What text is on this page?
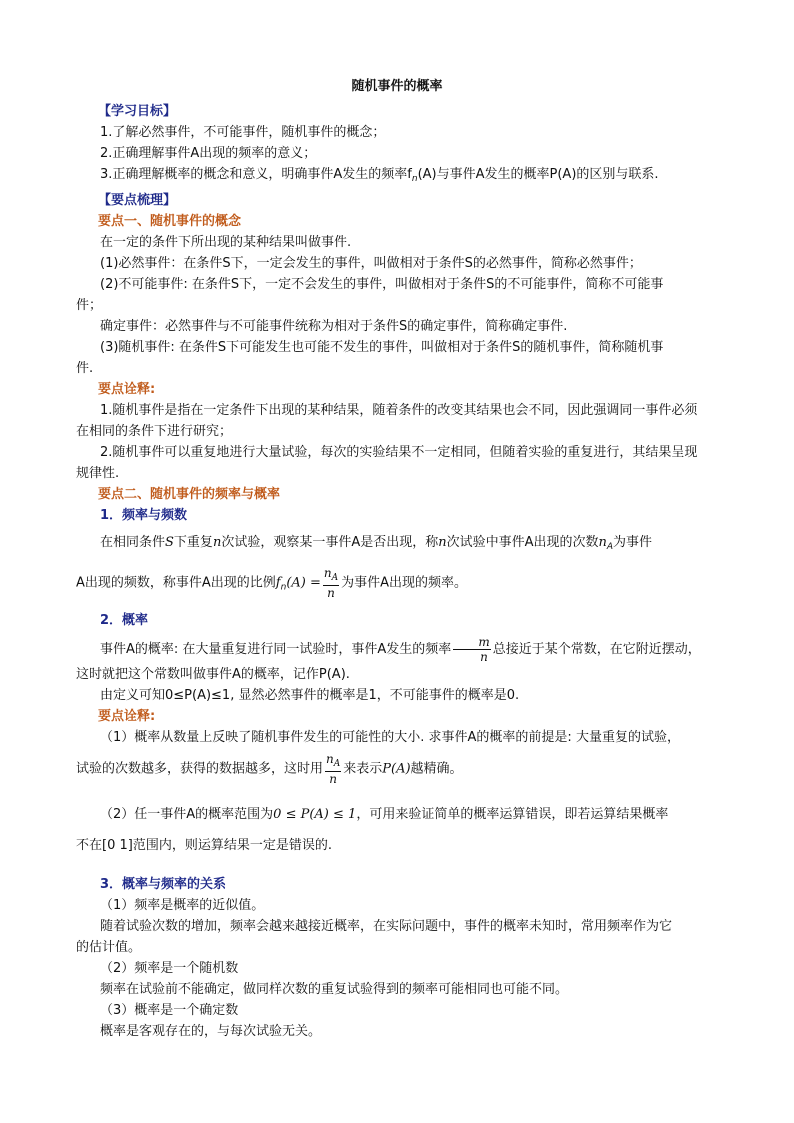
随机事件的概率
【学习目标】
1.了解必然事件，不可能事件，随机事件的概念；
2.正确理解事件A出现的频率的意义；
3.正确理解概率的概念和意义，明确事件A发生的频率$f_n(A)$与事件A发生的概率P(A)的区别与联系.
【要点梳理】
要点一、随机事件的概念
在一定的条件下所出现的某种结果叫做事件.
(1)必然事件：在条件S下，一定会发生的事件，叫做相对于条件S的必然事件，简称必然事件；
(2)不可能事件: 在条件S下，一定不会发生的事件，叫做相对于条件S的不可能事件，简称不可能事
件；
确定事件：必然事件与不可能事件统称为相对于条件S的确定事件，简称确定事件.
(3)随机事件: 在条件S下可能发生也可能不发生的事件，叫做相对于条件S的随机事件，简称随机事
件.
要点诠释:
1.随机事件是指在一定条件下出现的某种结果，随着条件的改变其结果也会不同，因此强调同一事件必须
在相同的条件下进行研究；
2.随机事件可以重复地进行大量试验，每次的实验结果不一定相同，但随着实验的重复进行，其结果呈现
规律性.
要点二、随机事件的频率与概率
1．频率与频数
在相同条件S下重复n次试验，观察某一事件A是否出现，称n次试验中事件A出现的次数$n_A$为事件
A出现的频数，称事件A出现的比例$f_n(A) = \frac{n_A}{n}$ 为事件A出现的频率。
2．概率
事件A的概率: 在大量重复进行同一试验时，事件A发生的频率 $\frac{m}{n}$ 总接近于某个常数，在它附近摆动，
这时就把这个常数叫做事件A的概率，记作P(A).
由定义可知0≤P(A)≤1, 显然必然事件的概率是1，不可能事件的概率是0.
要点诠释:
（1）概率从数量上反映了随机事件发生的可能性的大小. 求事件A的概率的前提是: 大量重复的试验，
试验的次数越多，获得的数据越多，这时用 $\frac{n_A}{n}$ 来表示P(A)越精确。
（2）任一事件A的概率范围为0 ≤ P(A) ≤ 1，可用来验证简单的概率运算错误，即若运算结果概率
不在[0 1]范围内，则运算结果一定是错误的.
3．概率与频率的关系
（1）频率是概率的近似值。
随着试验次数的增加，频率会越来越接近概率，在实际问题中，事件的概率未知时，常用频率作为它
的估计值。
（2）频率是一个随机数
频率在试验前不能确定，做同样次数的重复试验得到的频率可能相同也可能不同。
（3）概率是一个确定数
概率是客观存在的，与每次试验无关。
